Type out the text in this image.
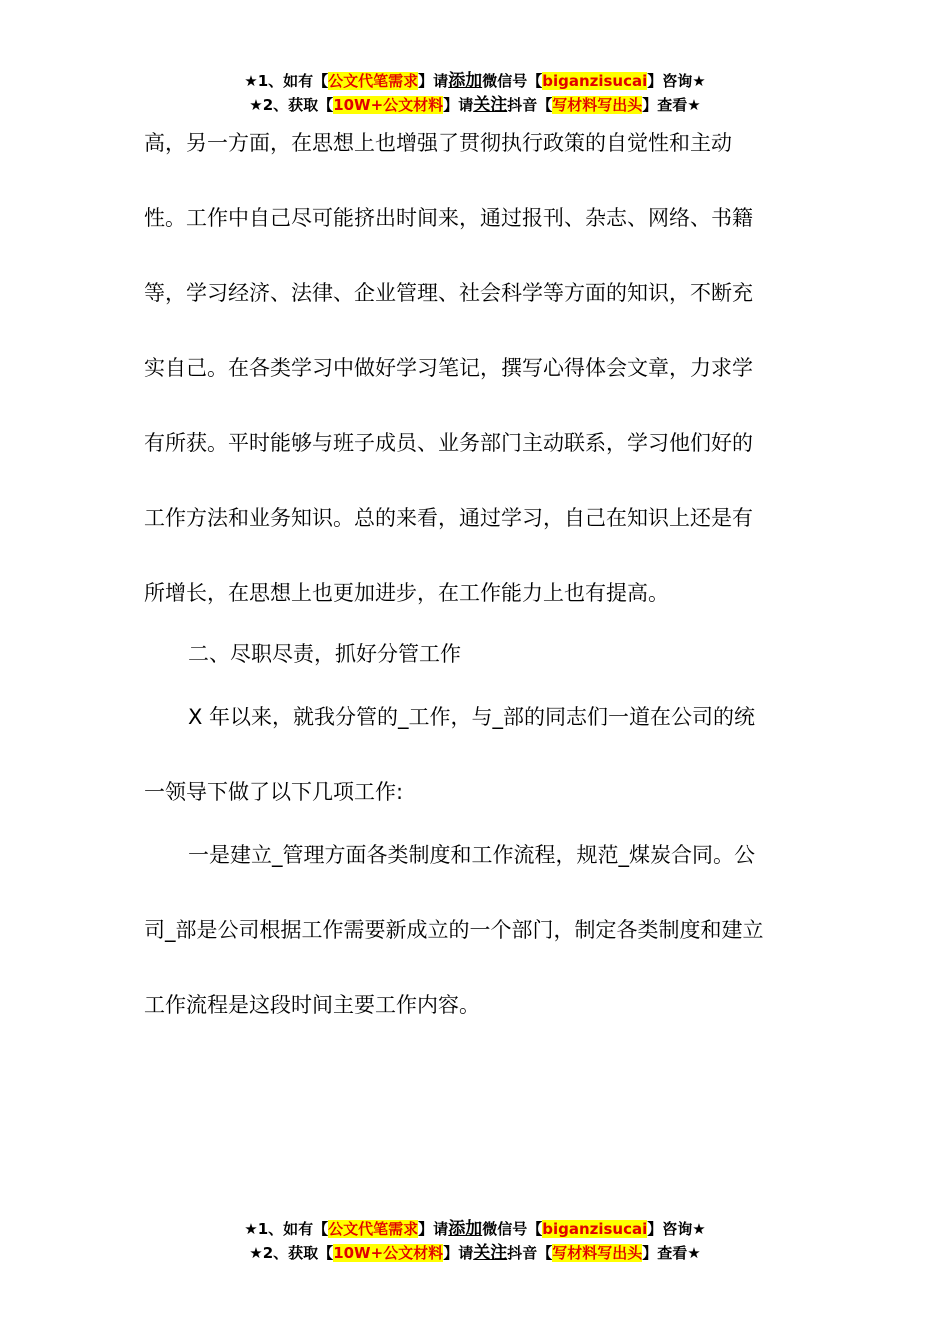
★1、如有【公文代笔需求】请添加微信号【biganzisucai】咨询★
★2、获取【10W+公文材料】请关注抖音【写材料写出头】查看★
高，另一方面，在思想上也增强了贯彻执行政策的自觉性和主动
性。工作中自己尽可能挤出时间来，通过报刊、杂志、网络、书籍
等，学习经济、法律、企业管理、社会科学等方面的知识，不断充
实自己。在各类学习中做好学习笔记，撰写心得体会文章，力求学
有所获。平时能够与班子成员、业务部门主动联系，学习他们好的
工作方法和业务知识。总的来看，通过学习，自己在知识上还是有
所增长，在思想上也更加进步，在工作能力上也有提高。
二、尽职尽责，抓好分管工作
X 年以来，就我分管的_工作，与_部的同志们一道在公司的统
一领导下做了以下几项工作:
一是建立_管理方面各类制度和工作流程，规范_煤炭合同。公
司_部是公司根据工作需要新成立的一个部门，制定各类制度和建立
工作流程是这段时间主要工作内容。
★1、如有【公文代笔需求】请添加微信号【biganzisucai】咨询★
★2、获取【10W+公文材料】请关注抖音【写材料写出头】查看★
